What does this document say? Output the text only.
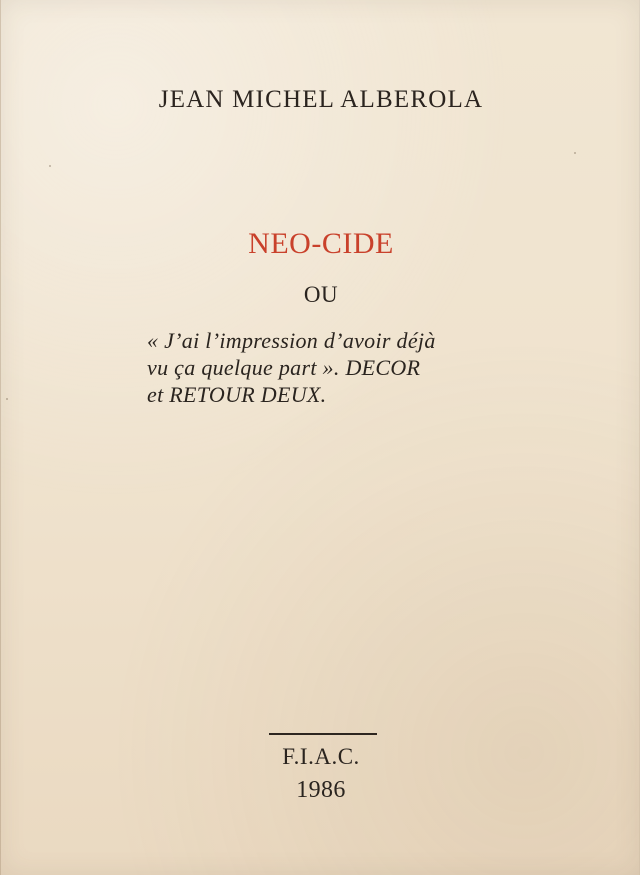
JEAN MICHEL ALBEROLA
NEO-CIDE
OU
« J’ai l’impression d’avoir déjà
vu ça quelque part ». DECOR
et RETOUR DEUX.
F.I.A.C.
1986
